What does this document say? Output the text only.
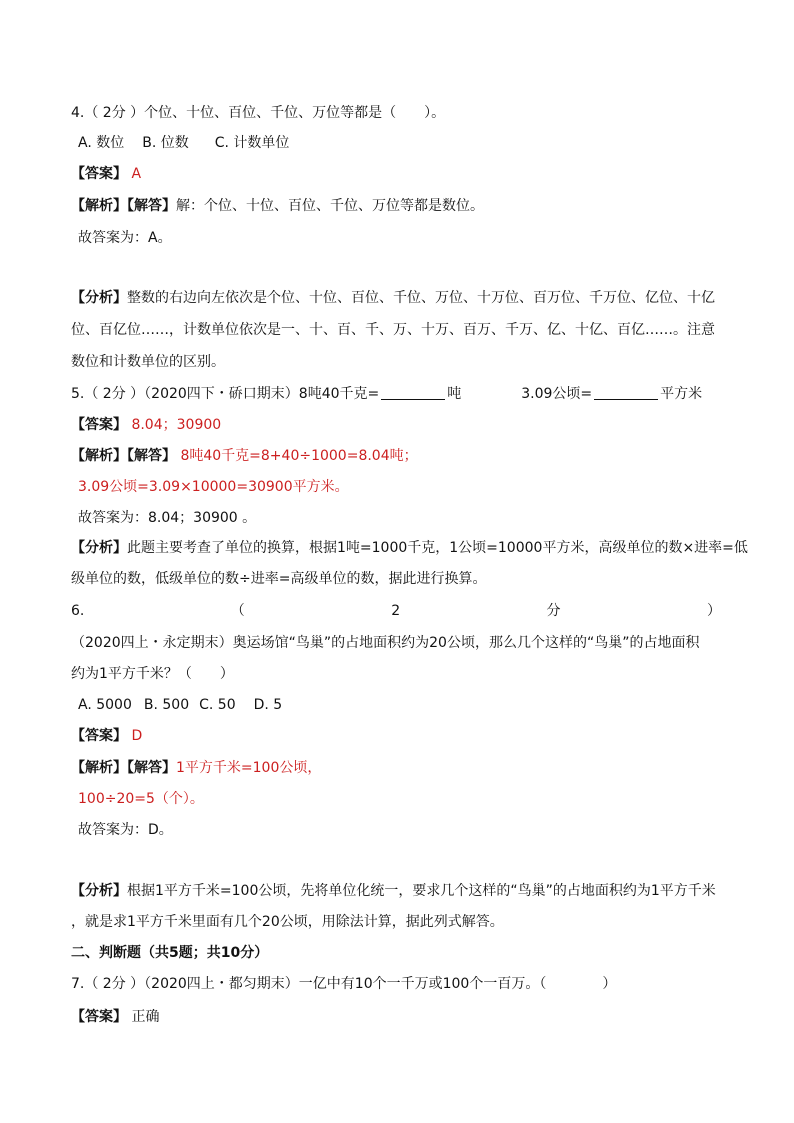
4.（ 2分 ）个位、十位、百位、千位、万位等都是（　　）。
A. 数位 B. 位数 C. 计数单位
【答案】 A
【解析】【解答】解：个位、十位、百位、千位、万位等都是数位。
故答案为：A。
【分析】整数的右边向左依次是个位、十位、百位、千位、万位、十万位、百万位、千万位、亿位、十亿
位、百亿位……，计数单位依次是一、十、百、千、万、十万、百万、千万、亿、十亿、百亿……。注意
数位和计数单位的区别。
5.（ 2分 ）（2020四下・硚口期末）8吨40千克=	吨	3.09公顷=	平方米
【答案】 8.04；30900
【解析】【解答】 8吨40千克=8+40÷1000=8.04吨；
3.09公顷=3.09×10000=30900平方米。
故答案为：8.04；30900 。
【分析】此题主要考查了单位的换算，根据1吨=1000千克，1公顷=10000平方米，高级单位的数×进率=低
级单位的数，低级单位的数÷进率=高级单位的数，据此进行换算。
6.	（	2	分	）
（2020四上・永定期末）奥运场馆“鸟巢”的占地面积约为20公顷，那么几个这样的“鸟巢”的占地面积
约为1平方千米？（　　）
A. 5000 B. 500 C. 50 D. 5
【答案】 D
【解析】【解答】1平方千米=100公顷，
100÷20=5（个）。
故答案为：D。
【分析】根据1平方千米=100公顷，先将单位化统一，要求几个这样的“鸟巢”的占地面积约为1平方千米
，就是求1平方千米里面有几个20公顷，用除法计算，据此列式解答。
二、判断题（共5题；共10分）
7.（ 2分 ）（2020四上・都匀期末）一亿中有10个一千万或100个一百万。（　　　　）
【答案】 正确
